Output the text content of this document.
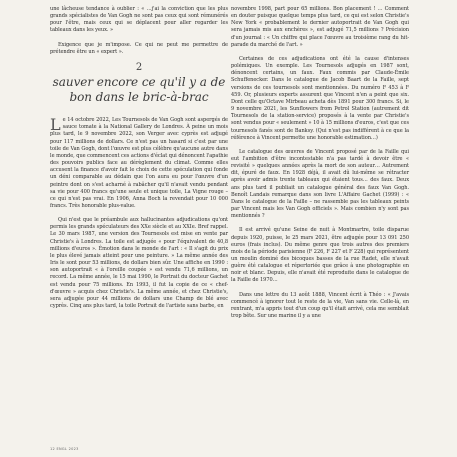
une lâcheuse tendance à oublier : « …j'ai la conviction que les plus grands spécialistes de Van Gogh ne sont pas ceux qui sont rémunérés pour l'être, mais ceux qui se déplacent pour aller regarder les tableaux dans les yeux. »

Exigence que je m'impose. Ce qui ne peut me permettre de prétendre être un « expert ».

2
sauver encore ce qu'il y a de bon dans le bric-à-brac

Le 14 octobre 2022, Les Tournesols de Van Gogh sont aspergés de sauce tomate à la National Gallery de Londres. À peine un mois plus tard, le 9 novembre 2022, son Verger avec cyprès est adjugé pour 117 millions de dollars. Ce n'est pas un hasard si c'est par une toile de Van Gogh, dont l'œuvre est plus célèbre qu'aucune autre dans le monde, que commencent ces actions d'éclat qui dénoncent l'apathie des pouvoirs publics face au dérèglement du climat. Comme elles accusent la finance d'avoir fait le choix de cette spéculation qui fonde un déni comparable au dédain que l'on aura eu pour l'œuvre d'un peintre dont on s'est acharné à rabâcher qu'il n'avait vendu pendant sa vie pour 400 francs qu'une seule et unique toile, La Vigne rouge – ce qui n'est pas vrai. En 1906, Anna Boch la revendait pour 10 000 francs. Très honorable plus-value.

Qui n'est que le préambule aux hallucinantes adjudications qu'ont permis les grands spéculateurs des XXe siècle et au XXIe. Bref rappel. Le 30 mars 1987, une version des Tournesols est mise en vente par Christie's à Londres. La toile est adjugée « pour l'équivalent de 40,8 millions d'euros ». Émotion dans le monde de l'art : « Il s'agit du prix le plus élevé jamais atteint pour une peinture. » La même année des Iris le sont pour 53 millions, de dollars bien sûr. Une affiche en 1990 : son autoportrait « à l'oreille coupée » est vendu 71,6 millions, un record. La même année, le 15 mai 1990, le Portrait du docteur Gachet est vendu pour 75 millions. En 1993, il fut la copie de ce « chef-d'œuvre » acquis chez Christie's. La même année, et chez Christie's, sera adjugée pour 44 millions de dollars une Champ de blé avec cyprès. Cinq ans plus tard, la toile Portrait de l'artiste sans barbe, en

novembre 1998, part pour 65 millions. Bon placement ! … Comment en douter puisque quelque temps plus tard, ce qui est selon Christie's New York « probablement le dernier autoportrait de Van Gogh qui sera jamais mis aux enchères », est adjugé 71,5 millions ? Précision d'un journal : « Un chiffre qui place l'œuvre au troisième rang du hit-parade du marché de l'art. »

Certaines de ces adjudications ont été la cause d'intenses polémiques. Un exemple. Les Tournesols adjugés en 1987 sont, dénoncent certains, un faux. Faux commis par Claude-Émile Schuffenecker. Dans le catalogue de Jacob Baart de la Faille, sept versions de ces tournesols sont mentionnées. Du numéro F 453 à F 459. Or, plusieurs experts assurent que Vincent n'en a peint que six. Dont celle qu'Octave Mirbeau acheta dès 1891 pour 300 francs. Si, le 9 novembre 2021, les Sunflowers from Petrol Station (autrement dit Tournesols de la station-service) proposés à la vente par Christie's sont vendus pour « seulement » 10 à 15 millions d'euros, c'est que ces tournesols fanés sont de Banksy. (Qui n'est pas indifférent à ce que la référence à Vincent permette une honorable estimation…)

Le catalogue des œuvres de Vincent proposé par de la Faille qui eut l'ambition d'être incontestable n'a pas tardé à devoir être « revisité » quelques années après la mort de son auteur… Autrement dit, épuré de faux. En 1928 déjà, il avait dû lui-même se rétracter après avoir admis trente tableaux qui étaient tous… des faux. Deux ans plus tard il publiait un catalogue général des faux Van Gogh. Benoît Landais remarque dans son livre L'Affaire Gachet (1999) : « Dans le catalogue de la Faille – ne rassemble pas les tableaux peints par Vincent mais les Van Gogh officiels ». Mais combien n'y sont pas mentionnés ?

Il est arrivé qu'une Seine de nuit à Montmartre, toile disparue depuis 1920, puisse, le 25 mars 2021, être adjugée pour 13 091 250 euros (frais inclus). Du même genre que trois autres des premiers mois de la période parisienne (F 226, F 227 et F 228) qui représentent un moulin dominé des bicoques basses de la rue Radet, elle n'avait guère été catalogue et répertoriée que grâce à une photographie en noir et blanc. Depuis, elle n'avait été reproduite dans le catalogue de la Faille de 1970…

Dans une lettre du 13 août 1888, Vincent écrit à Théo : « J'avais commencé à ignorer tout le reste de la vie, Van sans vie. Celle-là, en rentrant, m'a appris tout d'un coup qu'il était arrivé, cela me semblait trop bête. Sur une marine il y a une

12 ENGL 2023
